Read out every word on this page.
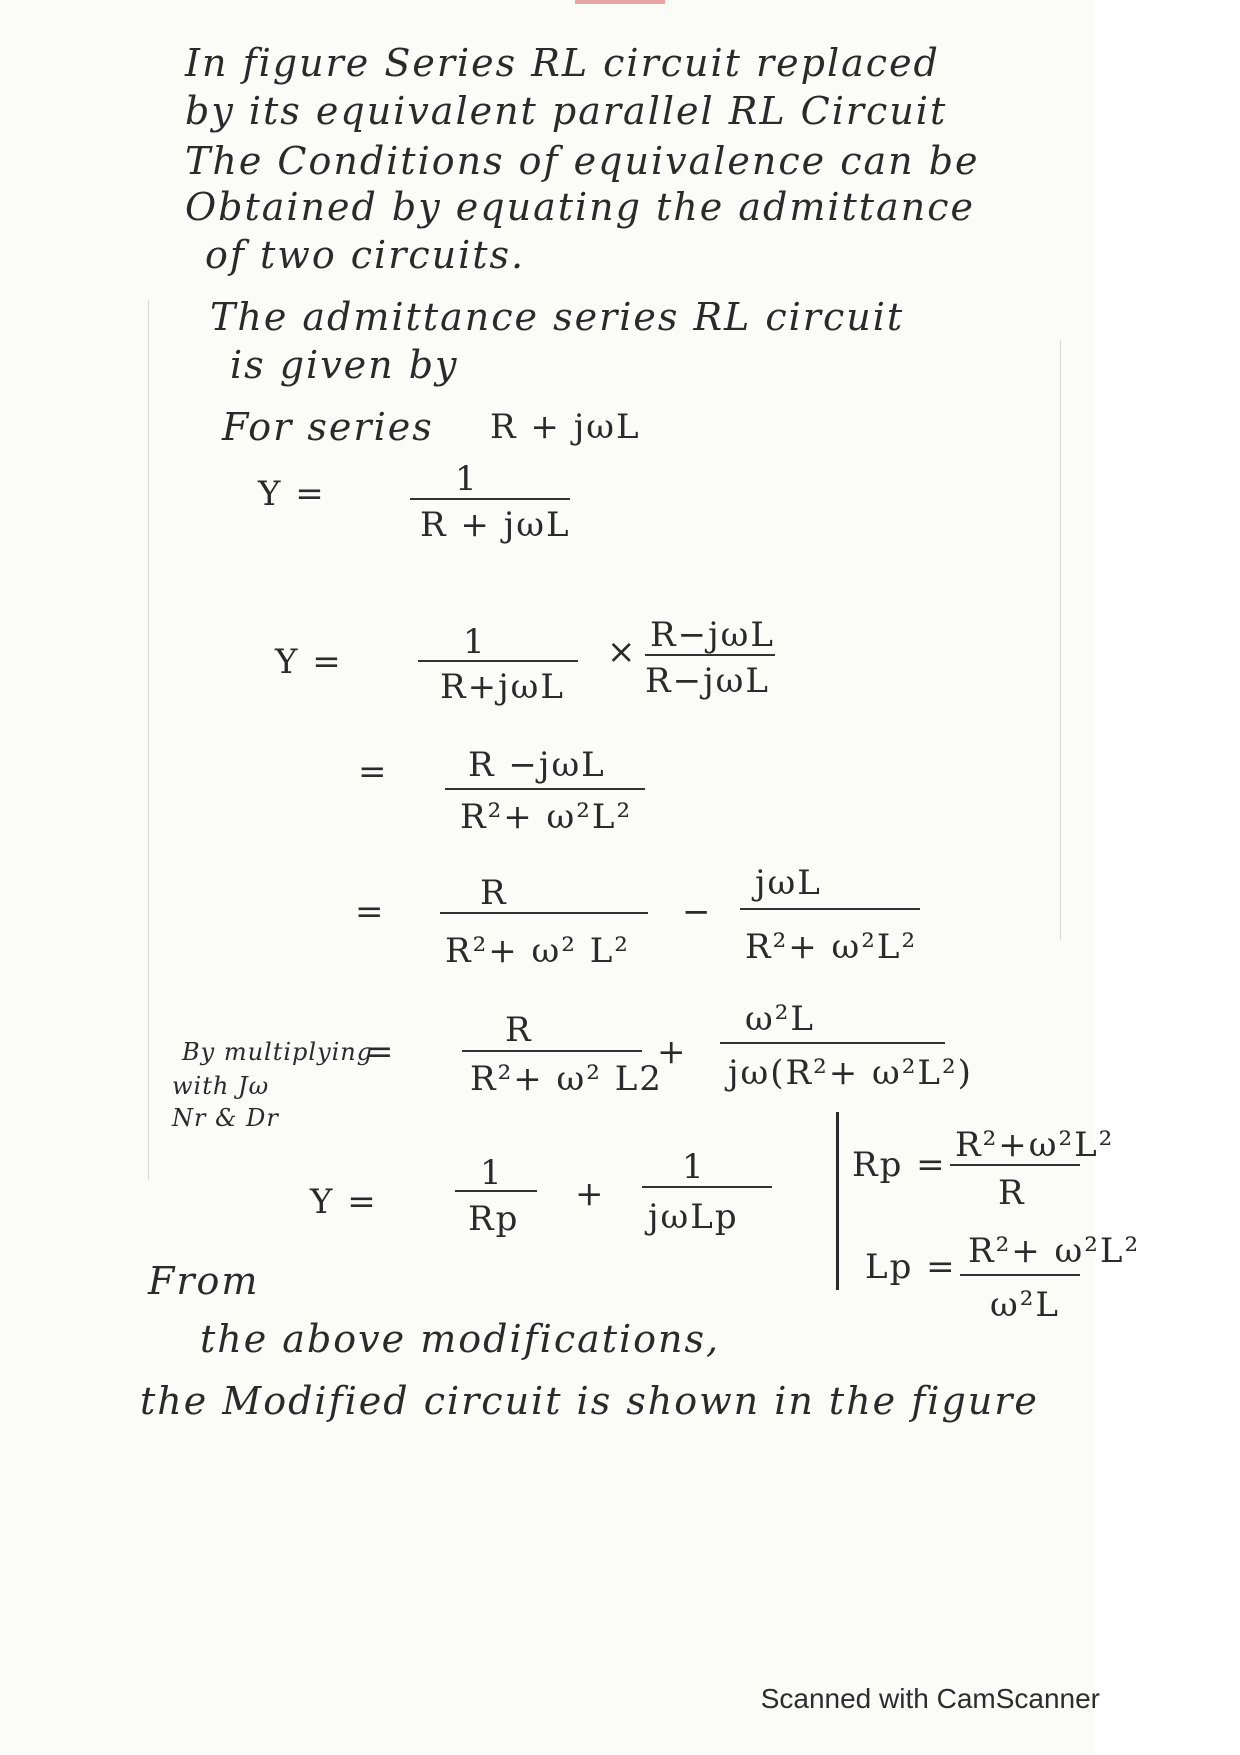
In figure Series RL circuit replaced
by its equivalent parallel RL Circuit
The Conditions of equivalence can be
Obtained by equating the admittance
of two circuits.
The admittance series RL circuit
is given by
For series R + jωL
Y =	1
R + jωL
Y =	1
R+jωL
× R−jωL
R−jωL
= R −jωL
R²+ ω²L²
=	R
R²+ ω² L²
−
jωL
R²+ ω²L²
By multiplying
with Jω
Nr & Dr
=
R
R²+ ω² L2
+
ω²L
jω(R²+ ω²L²)
Y =
1
Rp
+
1
jωLp
Rp = R²+ω²L²
R
Lp = R²+ ω²L²
ω²L
From
the above modifications,
the Modified circuit is shown in the figure
Scanned with CamScanner
